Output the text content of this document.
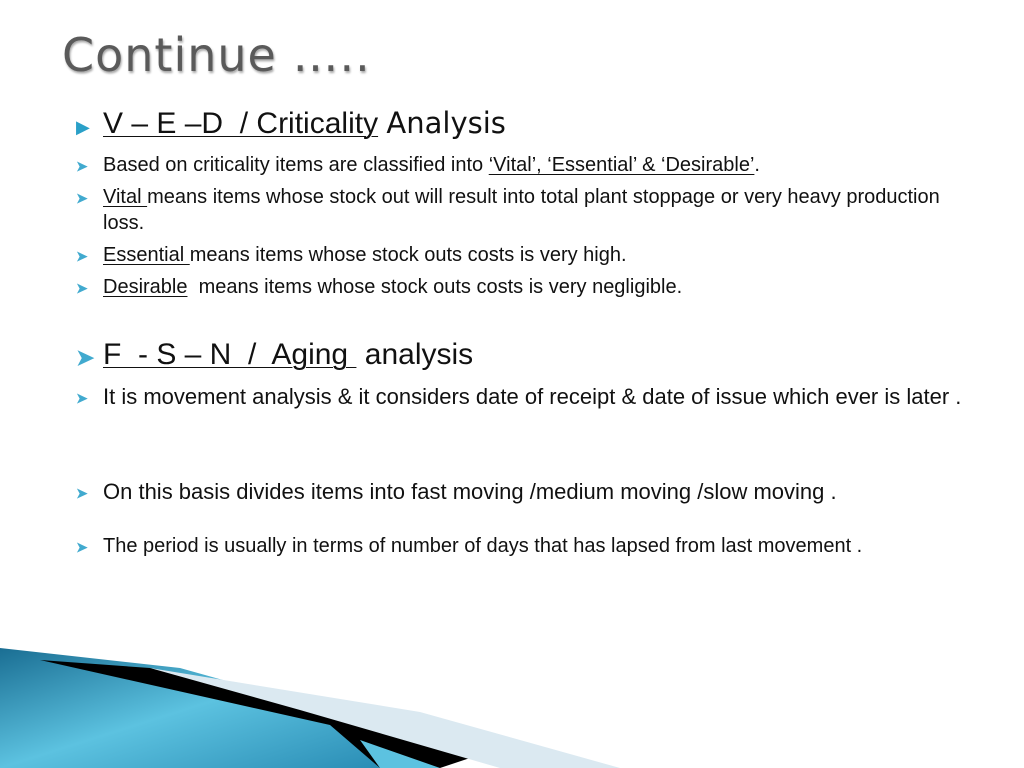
Continue …..
▶ V – E –D  / Criticality Analysis
➤ Based on criticality items are classified into ‘Vital’, ‘Essential’ & ‘Desirable’.
➤ Vital means items whose stock out will result into total plant stoppage or very heavy production loss.
➤ Essential means items whose stock outs costs is very high.
➤ Desirable  means items whose stock outs costs is very negligible.
➤ F  - S – N  /  Aging  analysis
➤ It is movement analysis & it considers date of receipt & date of issue which ever is later .
➤ On this basis divides items into fast moving /medium moving /slow moving .
➤ The period is usually in terms of number of days that has lapsed from last movement .
